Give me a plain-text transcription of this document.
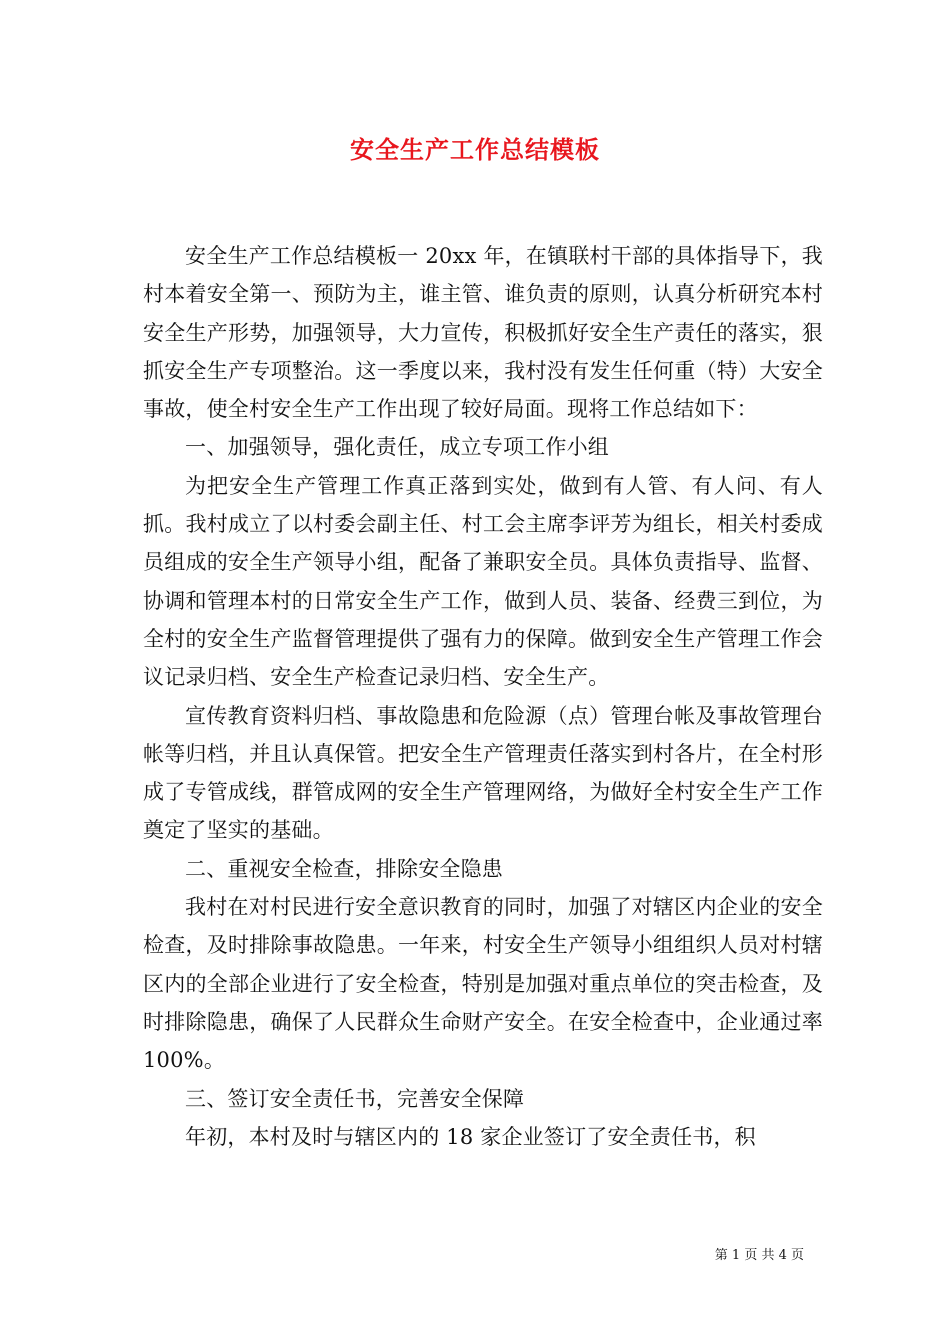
安全生产工作总结模板

安全生产工作总结模板一 20xx 年，在镇联村干部的具体指导下，我村本着安全第一、预防为主，谁主管、谁负责的原则，认真分析研究本村安全生产形势，加强领导，大力宣传，积极抓好安全生产责任的落实，狠抓安全生产专项整治。这一季度以来，我村没有发生任何重（特）大安全事故，使全村安全生产工作出现了较好局面。现将工作总结如下：

一、加强领导，强化责任，成立专项工作小组

为把安全生产管理工作真正落到实处，做到有人管、有人问、有人抓。我村成立了以村委会副主任、村工会主席李评芳为组长，相关村委成员组成的安全生产领导小组，配备了兼职安全员。具体负责指导、监督、协调和管理本村的日常安全生产工作，做到人员、装备、经费三到位，为全村的安全生产监督管理提供了强有力的保障。做到安全生产管理工作会议记录归档、安全生产检查记录归档、安全生产。

宣传教育资料归档、事故隐患和危险源（点）管理台帐及事故管理台帐等归档，并且认真保管。把安全生产管理责任落实到村各片，在全村形成了专管成线，群管成网的安全生产管理网络，为做好全村安全生产工作奠定了坚实的基础。

二、重视安全检查，排除安全隐患

我村在对村民进行安全意识教育的同时，加强了对辖区内企业的安全检查，及时排除事故隐患。一年来，村安全生产领导小组组织人员对村辖区内的全部企业进行了安全检查，特别是加强对重点单位的突击检查，及时排除隐患，确保了人民群众生命财产安全。在安全检查中，企业通过率 100%。

三、签订安全责任书，完善安全保障

年初，本村及时与辖区内的 18 家企业签订了安全责任书，积

第 1 页 共 4 页
